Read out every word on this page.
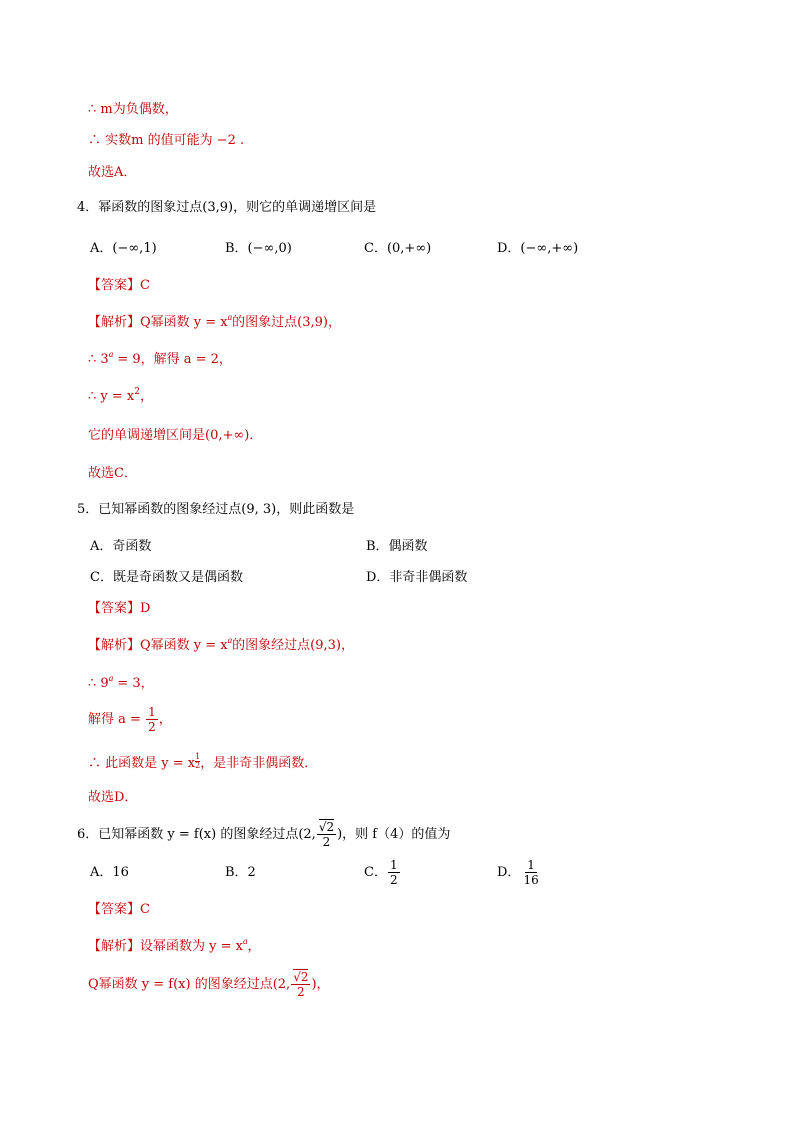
∴ m为负偶数，
∴ 实数m 的值可能为 −2 .
故选A．
4．幂函数的图象过点(3,9)，则它的单调递增区间是
A．(−∞,1)	B．(−∞,0)	C．(0,+∞)	D．(−∞,+∞)
【答案】C
【解析】Q幂函数 $y = x^a$的图象过点(3,9)，
∴ $3^a = 9$，解得 a = 2，
∴ $y = x^2$，
它的单调递增区间是(0,+∞)．
故选C．
5．已知幂函数的图象经过点(9, 3)，则此函数是
A．奇函数	B．偶函数
C．既是奇函数又是偶函数	D．非奇非偶函数
【答案】D
【解析】Q幂函数 $y = x^a$的图象经过点(9,3)，
∴ $9^a = 3$，
解得 $a = \frac{1}{2}$ ，
∴ 此函数是 y = x $\frac{1}{2}$ ，是非奇非偶函数．
故选D．
6．已知幂函数 y = f(x) 的图象经过点(2, $\frac{√2}{2}$ )，则 f（4）的值为
A．16	B．2	C． $\frac{1}{2}$	D． $\frac{1}{16}$
【答案】C
【解析】设幂函数为 $y = x^a$，
Q幂函数 y = f(x) 的图象经过点(2, $\frac{√2}{2}$ )，
